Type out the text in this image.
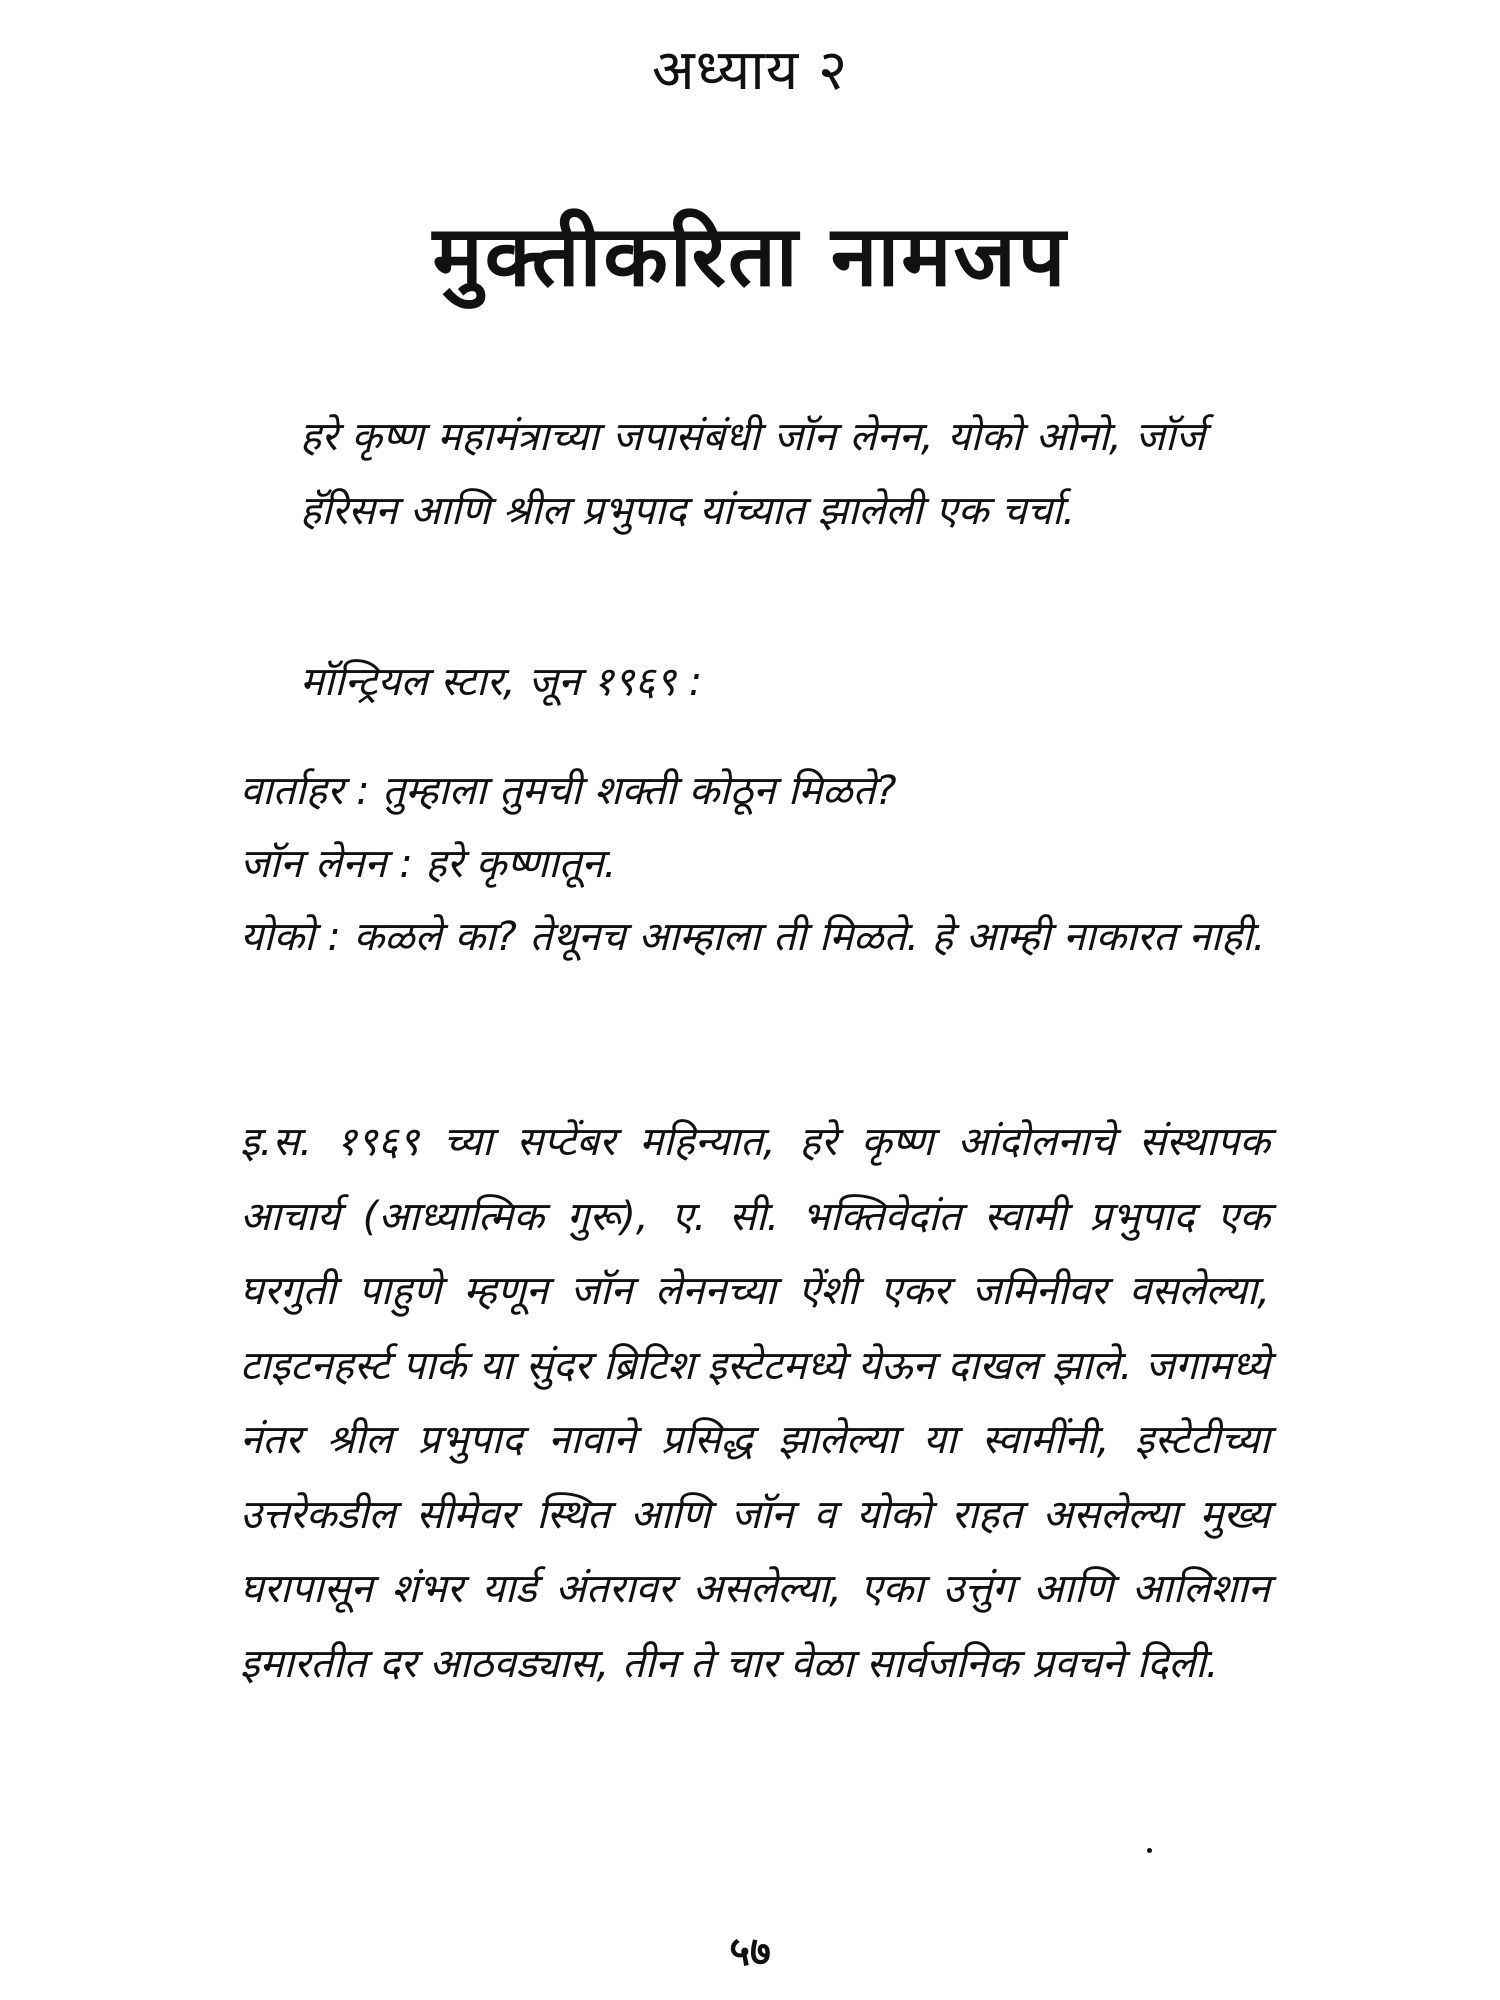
अध्याय २
मुक्तीकरिता नामजप

हरे कृष्ण महामंत्राच्या जपासंबंधी जॉन लेनन, योको ओनो, जॉर्ज हॅरिसन आणि श्रील प्रभुपाद यांच्यात झालेली एक चर्चा.

मॉन्ट्रियल स्टार, जून १९६९ :
वार्ताहर : तुम्हाला तुमची शक्ती कोठून मिळते?
जॉन लेनन : हरे कृष्णातून.
योको : कळले का? तेथूनच आम्हाला ती मिळते. हे आम्ही नाकारत नाही.

इ.स. १९६९ च्या सप्टेंबर महिन्यात, हरे कृष्ण आंदोलनाचे संस्थापक आचार्य (आध्यात्मिक गुरू), ए. सी. भक्तिवेदांत स्वामी प्रभुपाद एक घरगुती पाहुणे म्हणून जॉन लेननच्या ऐंशी एकर जमिनीवर वसलेल्या, टाइटनहर्स्ट पार्क या सुंदर ब्रिटिश इस्टेटमध्ये येऊन दाखल झाले. जगामध्ये नंतर श्रील प्रभुपाद नावाने प्रसिद्ध झालेल्या या स्वामींनी, इस्टेटीच्या उत्तरेकडील सीमेवर स्थित आणि जॉन व योको राहत असलेल्या मुख्य घरापासून शंभर यार्ड अंतरावर असलेल्या, एका उत्तुंग आणि आलिशान इमारतीत दर आठवड्यास, तीन ते चार वेळा सार्वजनिक प्रवचने दिली.

५७
